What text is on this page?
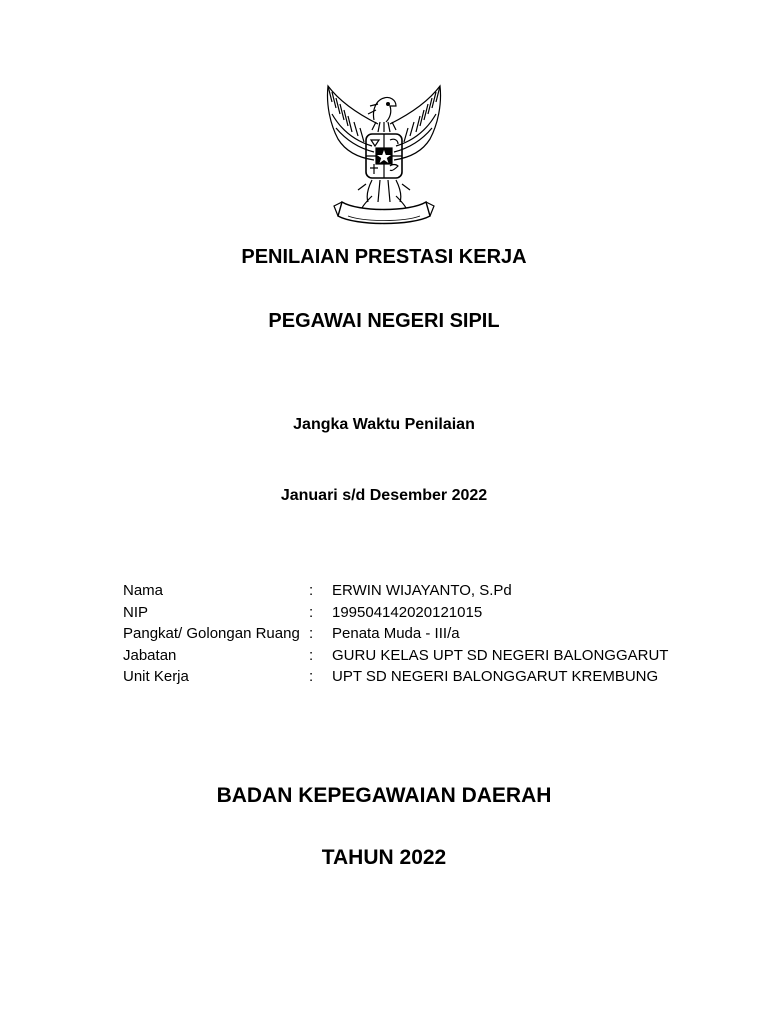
PENILAIAN PRESTASI KERJA
PEGAWAI NEGERI SIPIL
Jangka Waktu Penilaian
Januari s/d Desember 2022
Nama	:	ERWIN WIJAYANTO, S.Pd
NIP	:	199504142020121015
Pangkat/ Golongan Ruang :	Penata Muda - III/a
Jabatan	:	GURU KELAS UPT SD NEGERI BALONGGARUT
Unit Kerja	:	UPT SD NEGERI BALONGGARUT KREMBUNG
BADAN KEPEGAWAIAN DAERAH
TAHUN 2022
